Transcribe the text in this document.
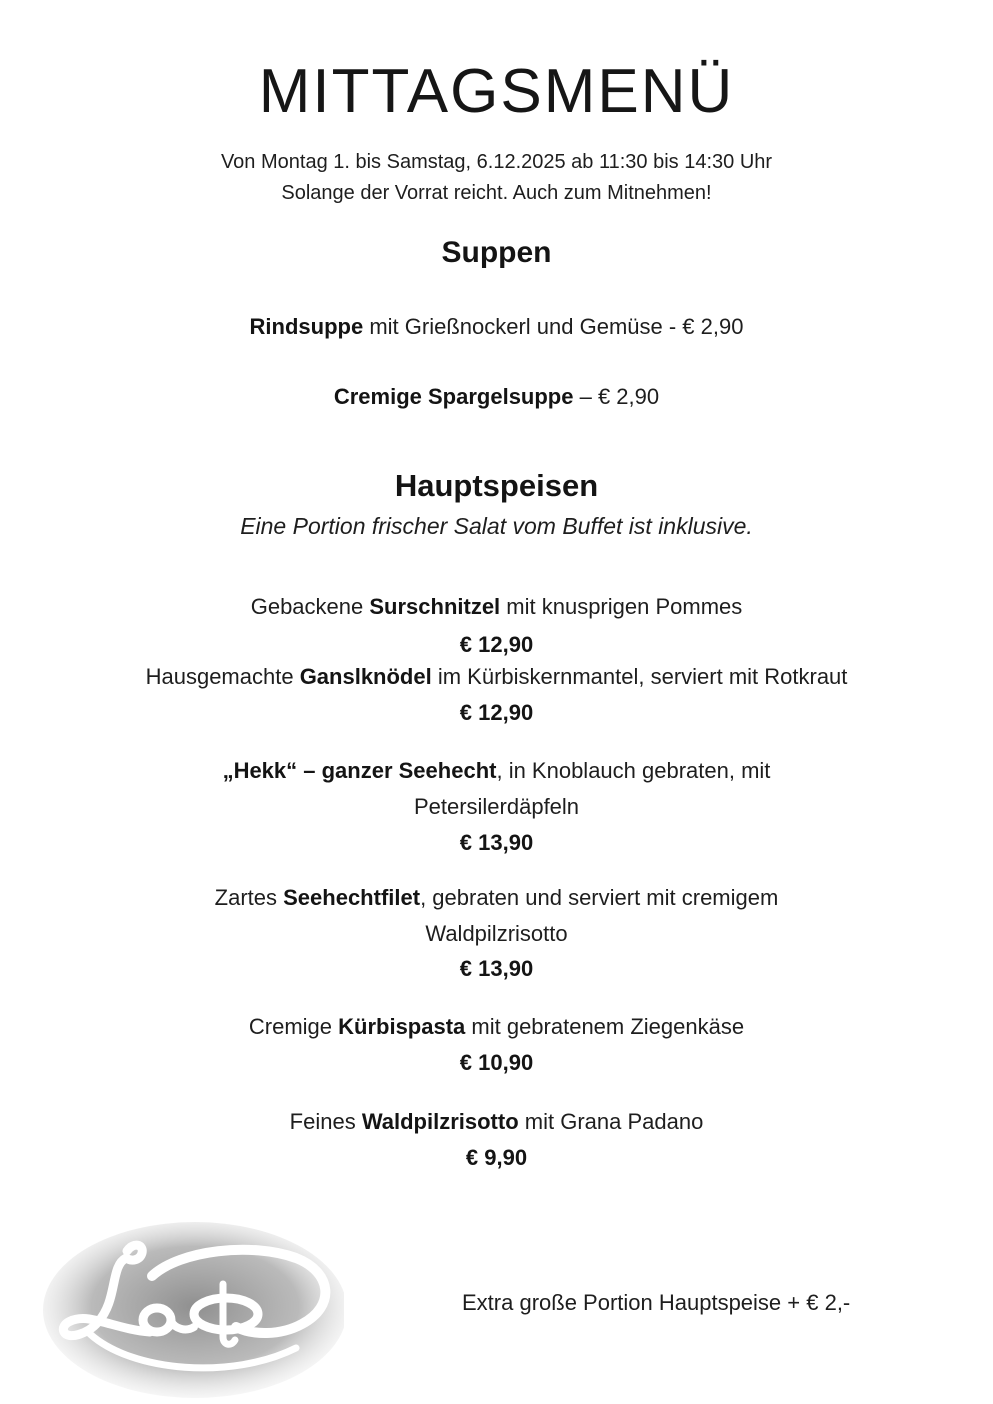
MITTAGSMENÜ
Von Montag 1. bis Samstag, 6.12.2025 ab 11:30 bis 14:30 Uhr
Solange der Vorrat reicht. Auch zum Mitnehmen!
Suppen
Rindsuppe mit Grießnockerl und Gemüse - € 2,90
Cremige Spargelsuppe – € 2,90
Hauptspeisen
Eine Portion frischer Salat vom Buffet ist inklusive.
Gebackene Surschnitzel mit knusprigen Pommes
€ 12,90
Hausgemachte Ganslknödel im Kürbiskernmantel, serviert mit Rotkraut
€ 12,90
„Hekk“ – ganzer Seehecht, in Knoblauch gebraten, mit
Petersilerdäpfeln
€ 13,90
Zartes Seehechtfilet, gebraten und serviert mit cremigem
Waldpilzrisotto
€ 13,90
Cremige Kürbispasta mit gebratenem Ziegenkäse
€ 10,90
Feines Waldpilzrisotto mit Grana Padano
€ 9,90
Extra große Portion Hauptspeise + € 2,-
